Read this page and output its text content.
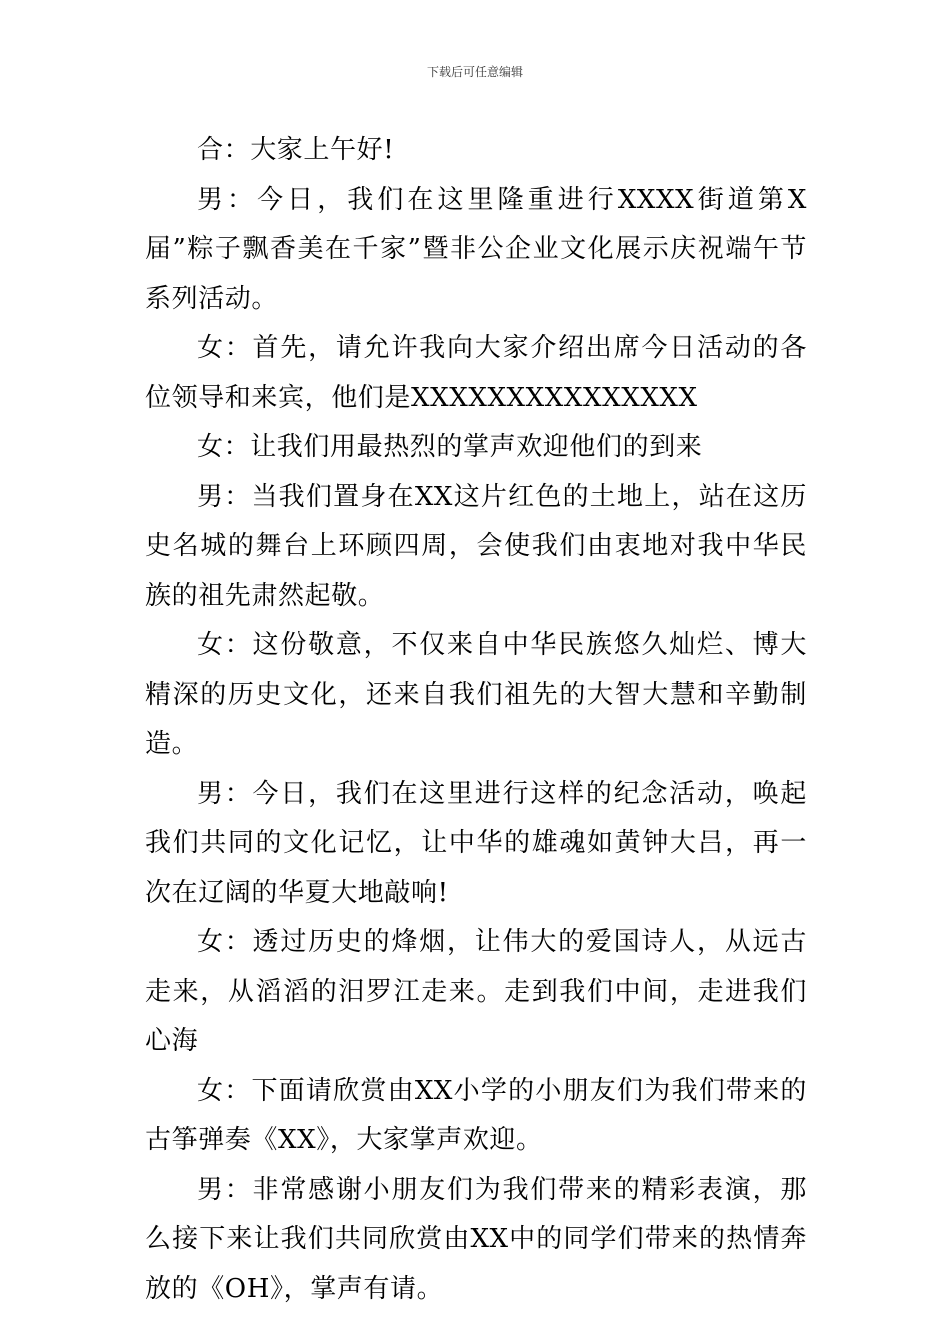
下载后可任意编辑

合：大家上午好!

男：今日，我们在这里隆重进行XXXX街道第X届”粽子飘香美在千家”暨非公企业文化展示庆祝端午节系列活动。

女：首先，请允许我向大家介绍出席今日活动的各位领导和来宾，他们是XXXXXXXXXXXXXXX

女：让我们用最热烈的掌声欢迎他们的到来

男：当我们置身在XX这片红色的土地上，站在这历史名城的舞台上环顾四周，会使我们由衷地对我中华民族的祖先肃然起敬。

女：这份敬意，不仅来自中华民族悠久灿烂、博大精深的历史文化，还来自我们祖先的大智大慧和辛勤制造。

男：今日，我们在这里进行这样的纪念活动，唤起我们共同的文化记忆，让中华的雄魂如黄钟大吕，再一次在辽阔的华夏大地敲响!

女：透过历史的烽烟，让伟大的爱国诗人，从远古走来，从滔滔的汨罗江走来。走到我们中间，走进我们心海

女：下面请欣赏由XX小学的小朋友们为我们带来的古筝弹奏《XX》，大家掌声欢迎。

男：非常感谢小朋友们为我们带来的精彩表演，那么接下来让我们共同欣赏由XX中的同学们带来的热情奔放的《OH》，掌声有请。
